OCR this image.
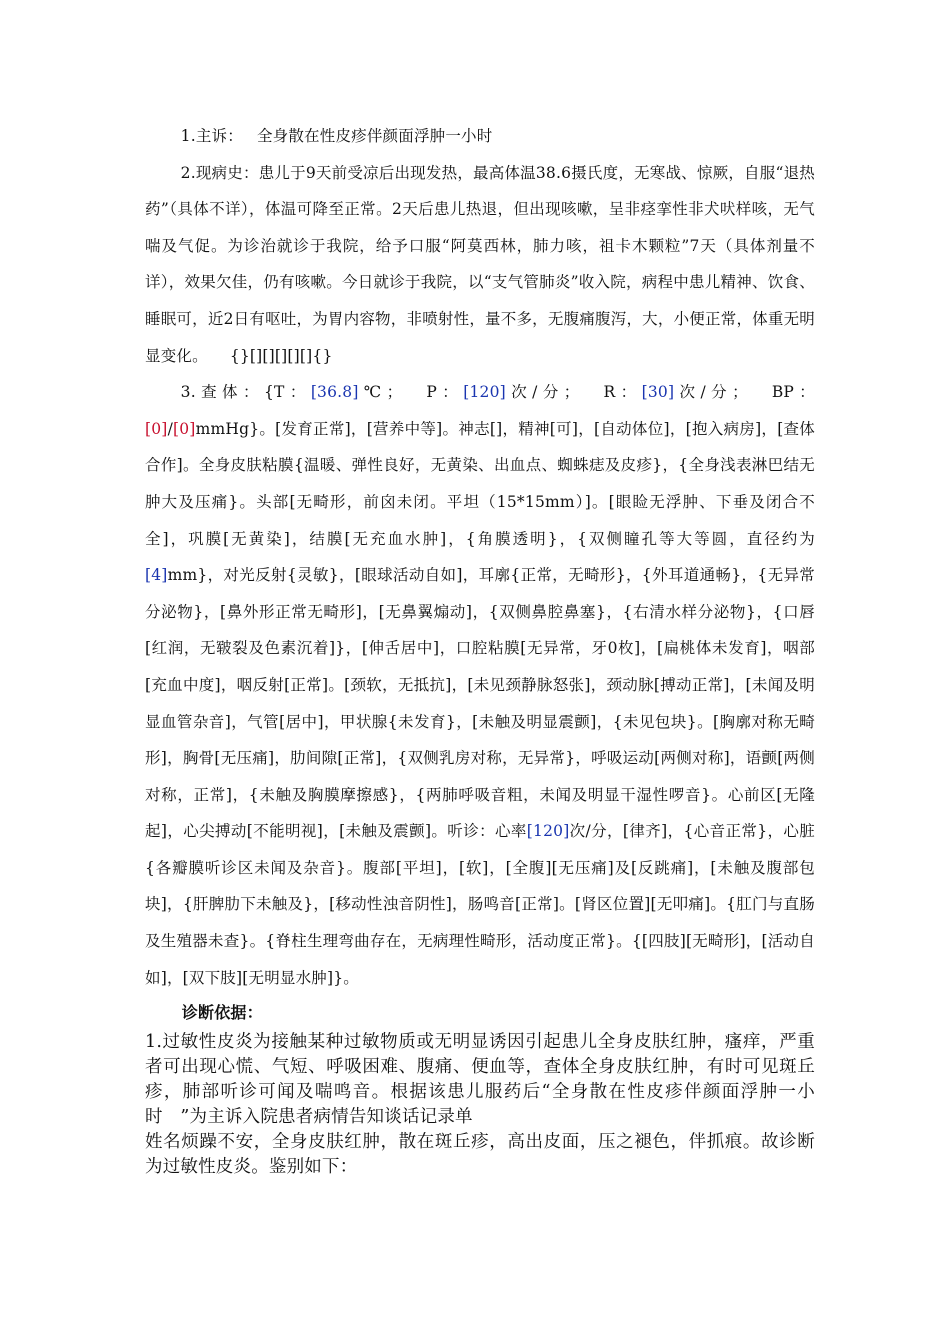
1.主诉： 全身散在性皮疹伴颜面浮肿一小时

2.现病史：患儿于9天前受凉后出现发热，最高体温38.6摄氏度，无寒战、惊厥，自服“退热药”（具体不详），体温可降至正常。2天后患儿热退，但出现咳嗽，呈非痉挛性非犬吠样咳，无气喘及气促。为诊治就诊于我院，给予口服“阿莫西林，肺力咳，祖卡木颗粒”7天（具体剂量不详），效果欠佳，仍有咳嗽。今日就诊于我院，以“支气管肺炎”收入院，病程中患儿精神、饮食、睡眠可，近2日有呕吐，为胃内容物，非喷射性，量不多，无腹痛腹泻，大，小便正常，体重无明显变化。 {}[][][][][]{}

3.查体：{T：[36.8]℃； P：[120]次/分； R：[30]次/分； BP：[0]/[0]mmHg}。[发育正常]，[营养中等]。神志[]，精神[可]，[自动体位]，[抱入病房]，[查体合作]。全身皮肤粘膜{温暖、弹性良好，无黄染、出血点、蜘蛛痣及皮疹}，{全身浅表淋巴结无肿大及压痛}。头部[无畸形，前囟未闭。平坦（15*15mm）]。[眼睑无浮肿、下垂及闭合不全]，巩膜[无黄染]，结膜[无充血水肿]，{角膜透明}，{双侧瞳孔等大等圆，直径约为[4]mm}，对光反射{灵敏}，[眼球活动自如]，耳廓{正常，无畸形}，{外耳道通畅}，{无异常分泌物}，[鼻外形正常无畸形]，[无鼻翼煽动]，{双侧鼻腔鼻塞}，{右清水样分泌物}，{口唇[红润，无皲裂及色素沉着]}，[伸舌居中]，口腔粘膜[无异常，牙0枚]，[扁桃体未发育]，咽部[充血中度]，咽反射[正常]。[颈软，无抵抗]，[未见颈静脉怒张]，颈动脉[搏动正常]，[未闻及明显血管杂音]，气管[居中]，甲状腺{未发育}，[未触及明显震颤]，{未见包块}。[胸廓对称无畸形]，胸骨[无压痛]，肋间隙[正常]，{双侧乳房对称，无异常}，呼吸运动[两侧对称]，语颤[两侧对称，正常]，{未触及胸膜摩擦感}，{两肺呼吸音粗，未闻及明显干湿性啰音}。心前区[无隆起]，心尖搏动[不能明视]，[未触及震颤]。听诊：心率[120]次/分，[律齐]，{心音正常}，心脏{各瓣膜听诊区未闻及杂音}。腹部[平坦]，[软]，[全腹][无压痛]及[反跳痛]，[未触及腹部包块]，{肝脾肋下未触及}，[移动性浊音阴性]，肠鸣音[正常]。[肾区位置][无叩痛]。{肛门与直肠及生殖器未查}。{脊柱生理弯曲存在，无病理性畸形，活动度正常}。{[四肢][无畸形]，[活动自如]，[双下肢][无明显水肿]}。

诊断依据：

1.过敏性皮炎为接触某种过敏物质或无明显诱因引起患儿全身皮肤红肿，瘙痒，严重者可出现心慌、气短、呼吸困难、腹痛、便血等，查体全身皮肤红肿，有时可见斑丘疹，肺部听诊可闻及喘鸣音。根据该患儿服药后“全身散在性皮疹伴颜面浮肿一小时　”为主诉入院患者病情告知谈话记录单

姓名烦躁不安，全身皮肤红肿，散在斑丘疹，高出皮面，压之褪色，伴抓痕。故诊断为过敏性皮炎。鉴别如下：
